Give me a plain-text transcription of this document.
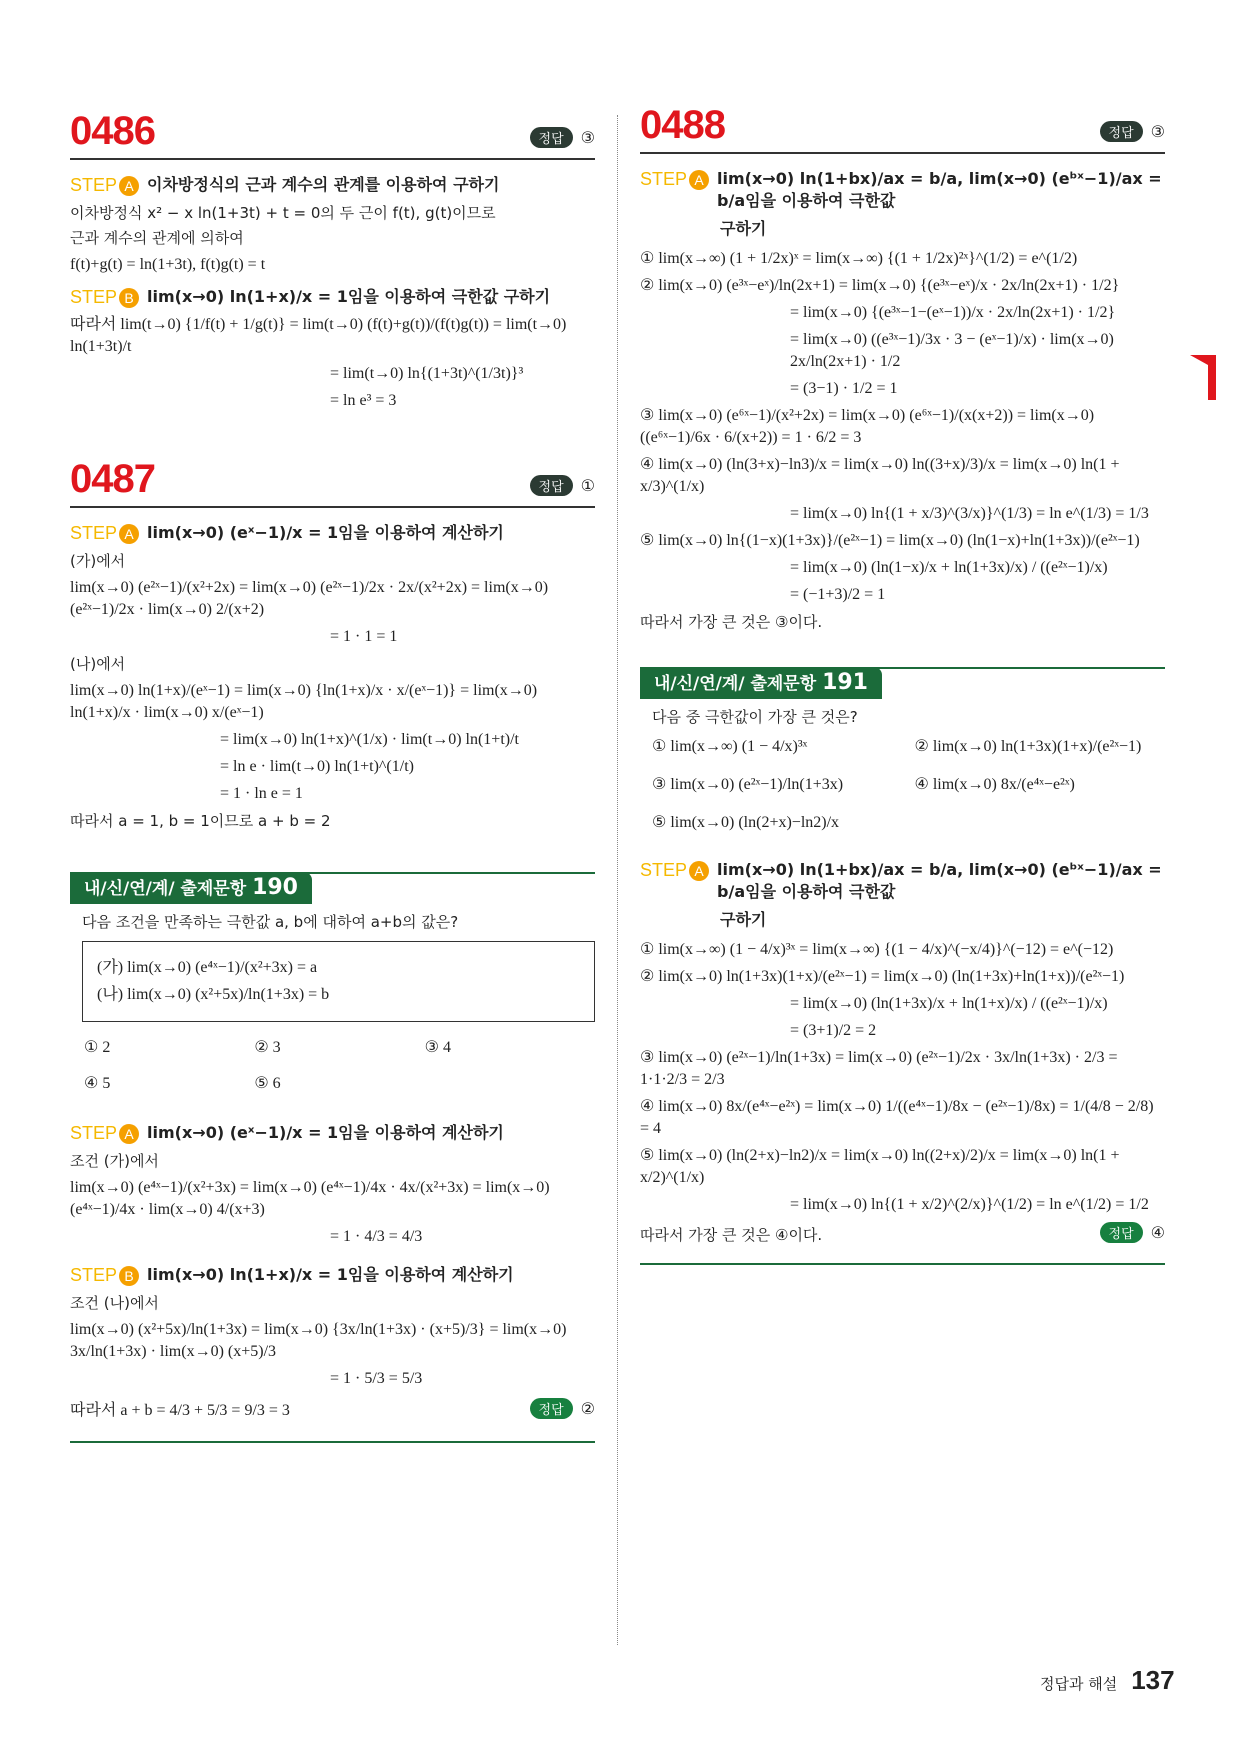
0486	정답	③
STEP A 이차방정식의 근과 계수의 관계를 이용하여 구하기
이차방정식 x² − x ln(1+3t) + t = 0의 두 근이 f(t), g(t)이므로
근과 계수의 관계에 의하여
f(t)+g(t) = ln(1+3t), f(t)g(t) = t
STEP B lim(x→0) ln(1+x)/x = 1임을 이용하여 극한값 구하기
따라서 lim(t→0) {1/f(t) + 1/g(t)} = lim(t→0) (f(t)+g(t))/(f(t)g(t)) = lim(t→0) ln(1+3t)/t
= lim(t→0) ln{(1+3t)^(1/3t)}³
= ln e³ = 3
0487	정답	①
STEP A lim(x→0) (eˣ−1)/x = 1임을 이용하여 계산하기
(가)에서
lim(x→0) (e²ˣ−1)/(x²+2x) = lim(x→0) (e²ˣ−1)/2x · 2x/(x²+2x) = lim(x→0) (e²ˣ−1)/2x · lim(x→0) 2/(x+2)
= 1 · 1 = 1
(나)에서
lim(x→0) ln(1+x)/(eˣ−1) = lim(x→0) {ln(1+x)/x · x/(eˣ−1)} = lim(x→0) ln(1+x)/x · lim(x→0) x/(eˣ−1)
= lim(x→0) ln(1+x)^(1/x) · lim(t→0) ln(1+t)/t
= ln e · lim(t→0) ln(1+t)^(1/t)
= 1 · ln e = 1
따라서 a = 1, b = 1이므로 a + b = 2
내/신/연/계/ 출제문항 190
다음 조건을 만족하는 극한값 a, b에 대하여 a+b의 값은?
(가) lim(x→0) (e⁴ˣ−1)/(x²+3x) = a
(나) lim(x→0) (x²+5x)/ln(1+3x) = b
① 2	② 3	③ 4
④ 5	⑤ 6
STEP A lim(x→0) (eˣ−1)/x = 1임을 이용하여 계산하기
조건 (가)에서
lim(x→0) (e⁴ˣ−1)/(x²+3x) = lim(x→0) (e⁴ˣ−1)/4x · 4x/(x²+3x) = lim(x→0) (e⁴ˣ−1)/4x · lim(x→0) 4/(x+3)
= 1 · 4/3 = 4/3
STEP B lim(x→0) ln(1+x)/x = 1임을 이용하여 계산하기
조건 (나)에서
lim(x→0) (x²+5x)/ln(1+3x) = lim(x→0) {3x/ln(1+3x) · (x+5)/3} = lim(x→0) 3x/ln(1+3x) · lim(x→0) (x+5)/3
= 1 · 5/3 = 5/3
따라서 a + b = 4/3 + 5/3 = 9/3 = 3	정답	②
0488	정답	③
STEP A lim(x→0) ln(1+bx)/ax = b/a, lim(x→0) (eᵇˣ−1)/ax = b/a임을 이용하여 극한값
구하기
① lim(x→∞) (1 + 1/2x)ˣ = lim(x→∞) {(1 + 1/2x)²ˣ}^(1/2) = e^(1/2)
② lim(x→0) (e³ˣ−eˣ)/ln(2x+1) = lim(x→0) {(e³ˣ−eˣ)/x · 2x/ln(2x+1) · 1/2}
= lim(x→0) {(e³ˣ−1−(eˣ−1))/x · 2x/ln(2x+1) · 1/2}
= lim(x→0) ((e³ˣ−1)/3x · 3 − (eˣ−1)/x) · lim(x→0) 2x/ln(2x+1) · 1/2
= (3−1) · 1/2 = 1
③ lim(x→0) (e⁶ˣ−1)/(x²+2x) = lim(x→0) (e⁶ˣ−1)/(x(x+2)) = lim(x→0) ((e⁶ˣ−1)/6x · 6/(x+2)) = 1 · 6/2 = 3
④ lim(x→0) (ln(3+x)−ln3)/x = lim(x→0) ln((3+x)/3)/x = lim(x→0) ln(1 + x/3)^(1/x)
= lim(x→0) ln{(1 + x/3)^(3/x)}^(1/3) = ln e^(1/3) = 1/3
⑤ lim(x→0) ln{(1−x)(1+3x)}/(e²ˣ−1) = lim(x→0) (ln(1−x)+ln(1+3x))/(e²ˣ−1)
= lim(x→0) (ln(1−x)/x + ln(1+3x)/x) / ((e²ˣ−1)/x)
= (−1+3)/2 = 1
따라서 가장 큰 것은 ③이다.
내/신/연/계/ 출제문항 191
다음 중 극한값이 가장 큰 것은?
① lim(x→∞) (1 − 4/x)³ˣ	② lim(x→0) ln(1+3x)(1+x)/(e²ˣ−1)
③ lim(x→0) (e²ˣ−1)/ln(1+3x)	④ lim(x→0) 8x/(e⁴ˣ−e²ˣ)
⑤ lim(x→0) (ln(2+x)−ln2)/x
STEP A lim(x→0) ln(1+bx)/ax = b/a, lim(x→0) (eᵇˣ−1)/ax = b/a임을 이용하여 극한값
구하기
① lim(x→∞) (1 − 4/x)³ˣ = lim(x→∞) {(1 − 4/x)^(−x/4)}^(−12) = e^(−12)
② lim(x→0) ln(1+3x)(1+x)/(e²ˣ−1) = lim(x→0) (ln(1+3x)+ln(1+x))/(e²ˣ−1)
= lim(x→0) (ln(1+3x)/x + ln(1+x)/x) / ((e²ˣ−1)/x)
= (3+1)/2 = 2
③ lim(x→0) (e²ˣ−1)/ln(1+3x) = lim(x→0) (e²ˣ−1)/2x · 3x/ln(1+3x) · 2/3 = 1·1·2/3 = 2/3
④ lim(x→0) 8x/(e⁴ˣ−e²ˣ) = lim(x→0) 1/((e⁴ˣ−1)/8x − (e²ˣ−1)/8x) = 1/(4/8 − 2/8) = 4
⑤ lim(x→0) (ln(2+x)−ln2)/x = lim(x→0) ln((2+x)/2)/x = lim(x→0) ln(1 + x/2)^(1/x)
= lim(x→0) ln{(1 + x/2)^(2/x)}^(1/2) = ln e^(1/2) = 1/2
따라서 가장 큰 것은 ④이다.	정답	④
정답과 해설 137
